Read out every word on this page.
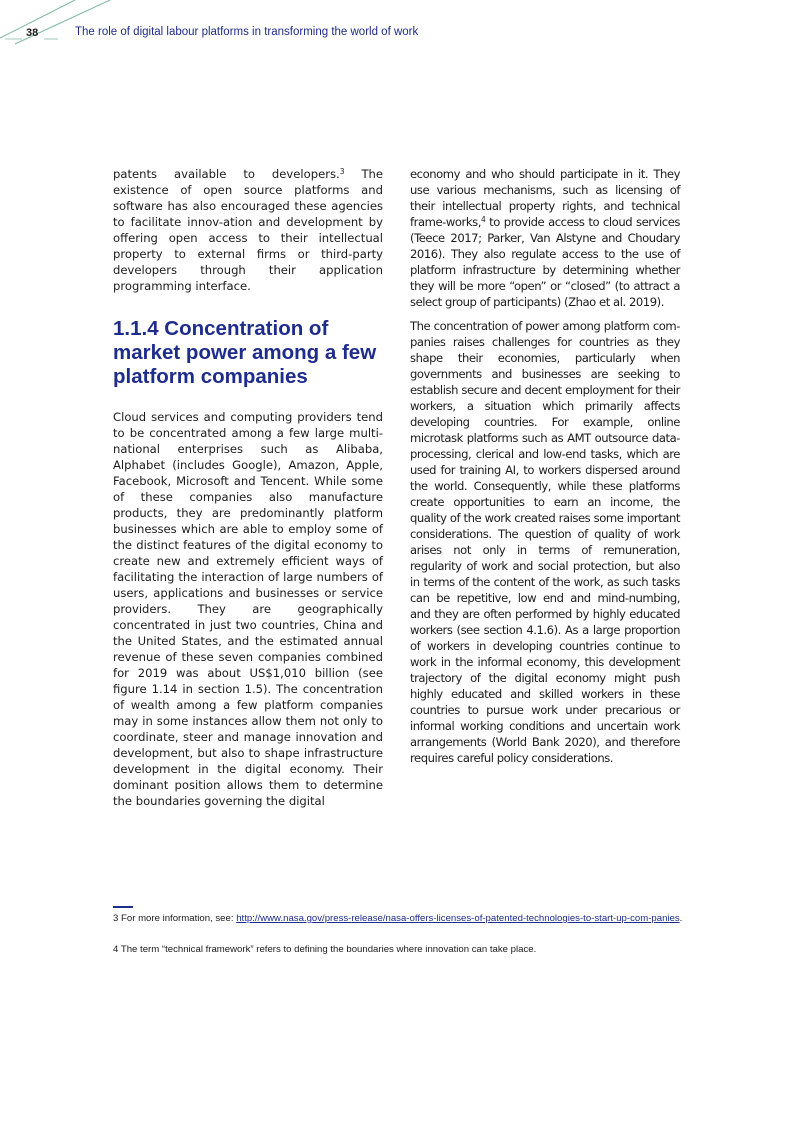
38	The role of digital labour platforms in transforming the world of work

patents available to developers.$^3$ The existence of open source platforms and software has also encouraged these agencies to facilitate innov-ation and development by offering open access to their intellectual property to external firms or third-party developers through their application programming interface.

1.1.4 Concentration of market power among a few platform companies

Cloud services and computing providers tend to be concentrated among a few large multi-national enterprises such as Alibaba, Alphabet (includes Google), Amazon, Apple, Facebook, Microsoft and Tencent. While some of these companies also manufacture products, they are predominantly platform businesses which are able to employ some of the distinct features of the digital economy to create new and extremely efficient ways of facilitating the interaction of large numbers of users, applications and businesses or service providers. They are geographically concentrated in just two countries, China and the United States, and the estimated annual revenue of these seven companies combined for 2019 was about US$1,010 billion (see figure 1.14 in section 1.5). The concentration of wealth among a few platform companies may in some instances allow them not only to coordinate, steer and manage innovation and development, but also to shape infrastructure development in the digital economy. Their dominant position allows them to determine the boundaries governing the digital

economy and who should participate in it. They use various mechanisms, such as licensing of their intellectual property rights, and technical frame-works,$^4$ to provide access to cloud services (Teece 2017; Parker, Van Alstyne and Choudary 2016). They also regulate access to the use of platform infrastructure by determining whether they will be more “open” or “closed” (to attract a select group of participants) (Zhao et al. 2019).

The concentration of power among platform com-panies raises challenges for countries as they shape their economies, particularly when governments and businesses are seeking to establish secure and decent employment for their workers, a situation which primarily affects developing countries. For example, online microtask platforms such as AMT outsource data-processing, clerical and low-end tasks, which are used for training AI, to workers dispersed around the world. Consequently, while these platforms create opportunities to earn an income, the quality of the work created raises some important considerations. The question of quality of work arises not only in terms of remuneration, regularity of work and social protection, but also in terms of the content of the work, as such tasks can be repetitive, low end and mind-numbing, and they are often performed by highly educated workers (see section 4.1.6). As a large proportion of workers in developing countries continue to work in the informal economy, this development trajectory of the digital economy might push highly educated and skilled workers in these countries to pursue work under precarious or informal working conditions and uncertain work arrangements (World Bank 2020), and therefore requires careful policy considerations.

3 For more information, see: http://www.nasa.gov/press-release/nasa-offers-licenses-of-patented-technologies-to-start-up-com-panies.
4 The term “technical framework” refers to defining the boundaries where innovation can take place.
